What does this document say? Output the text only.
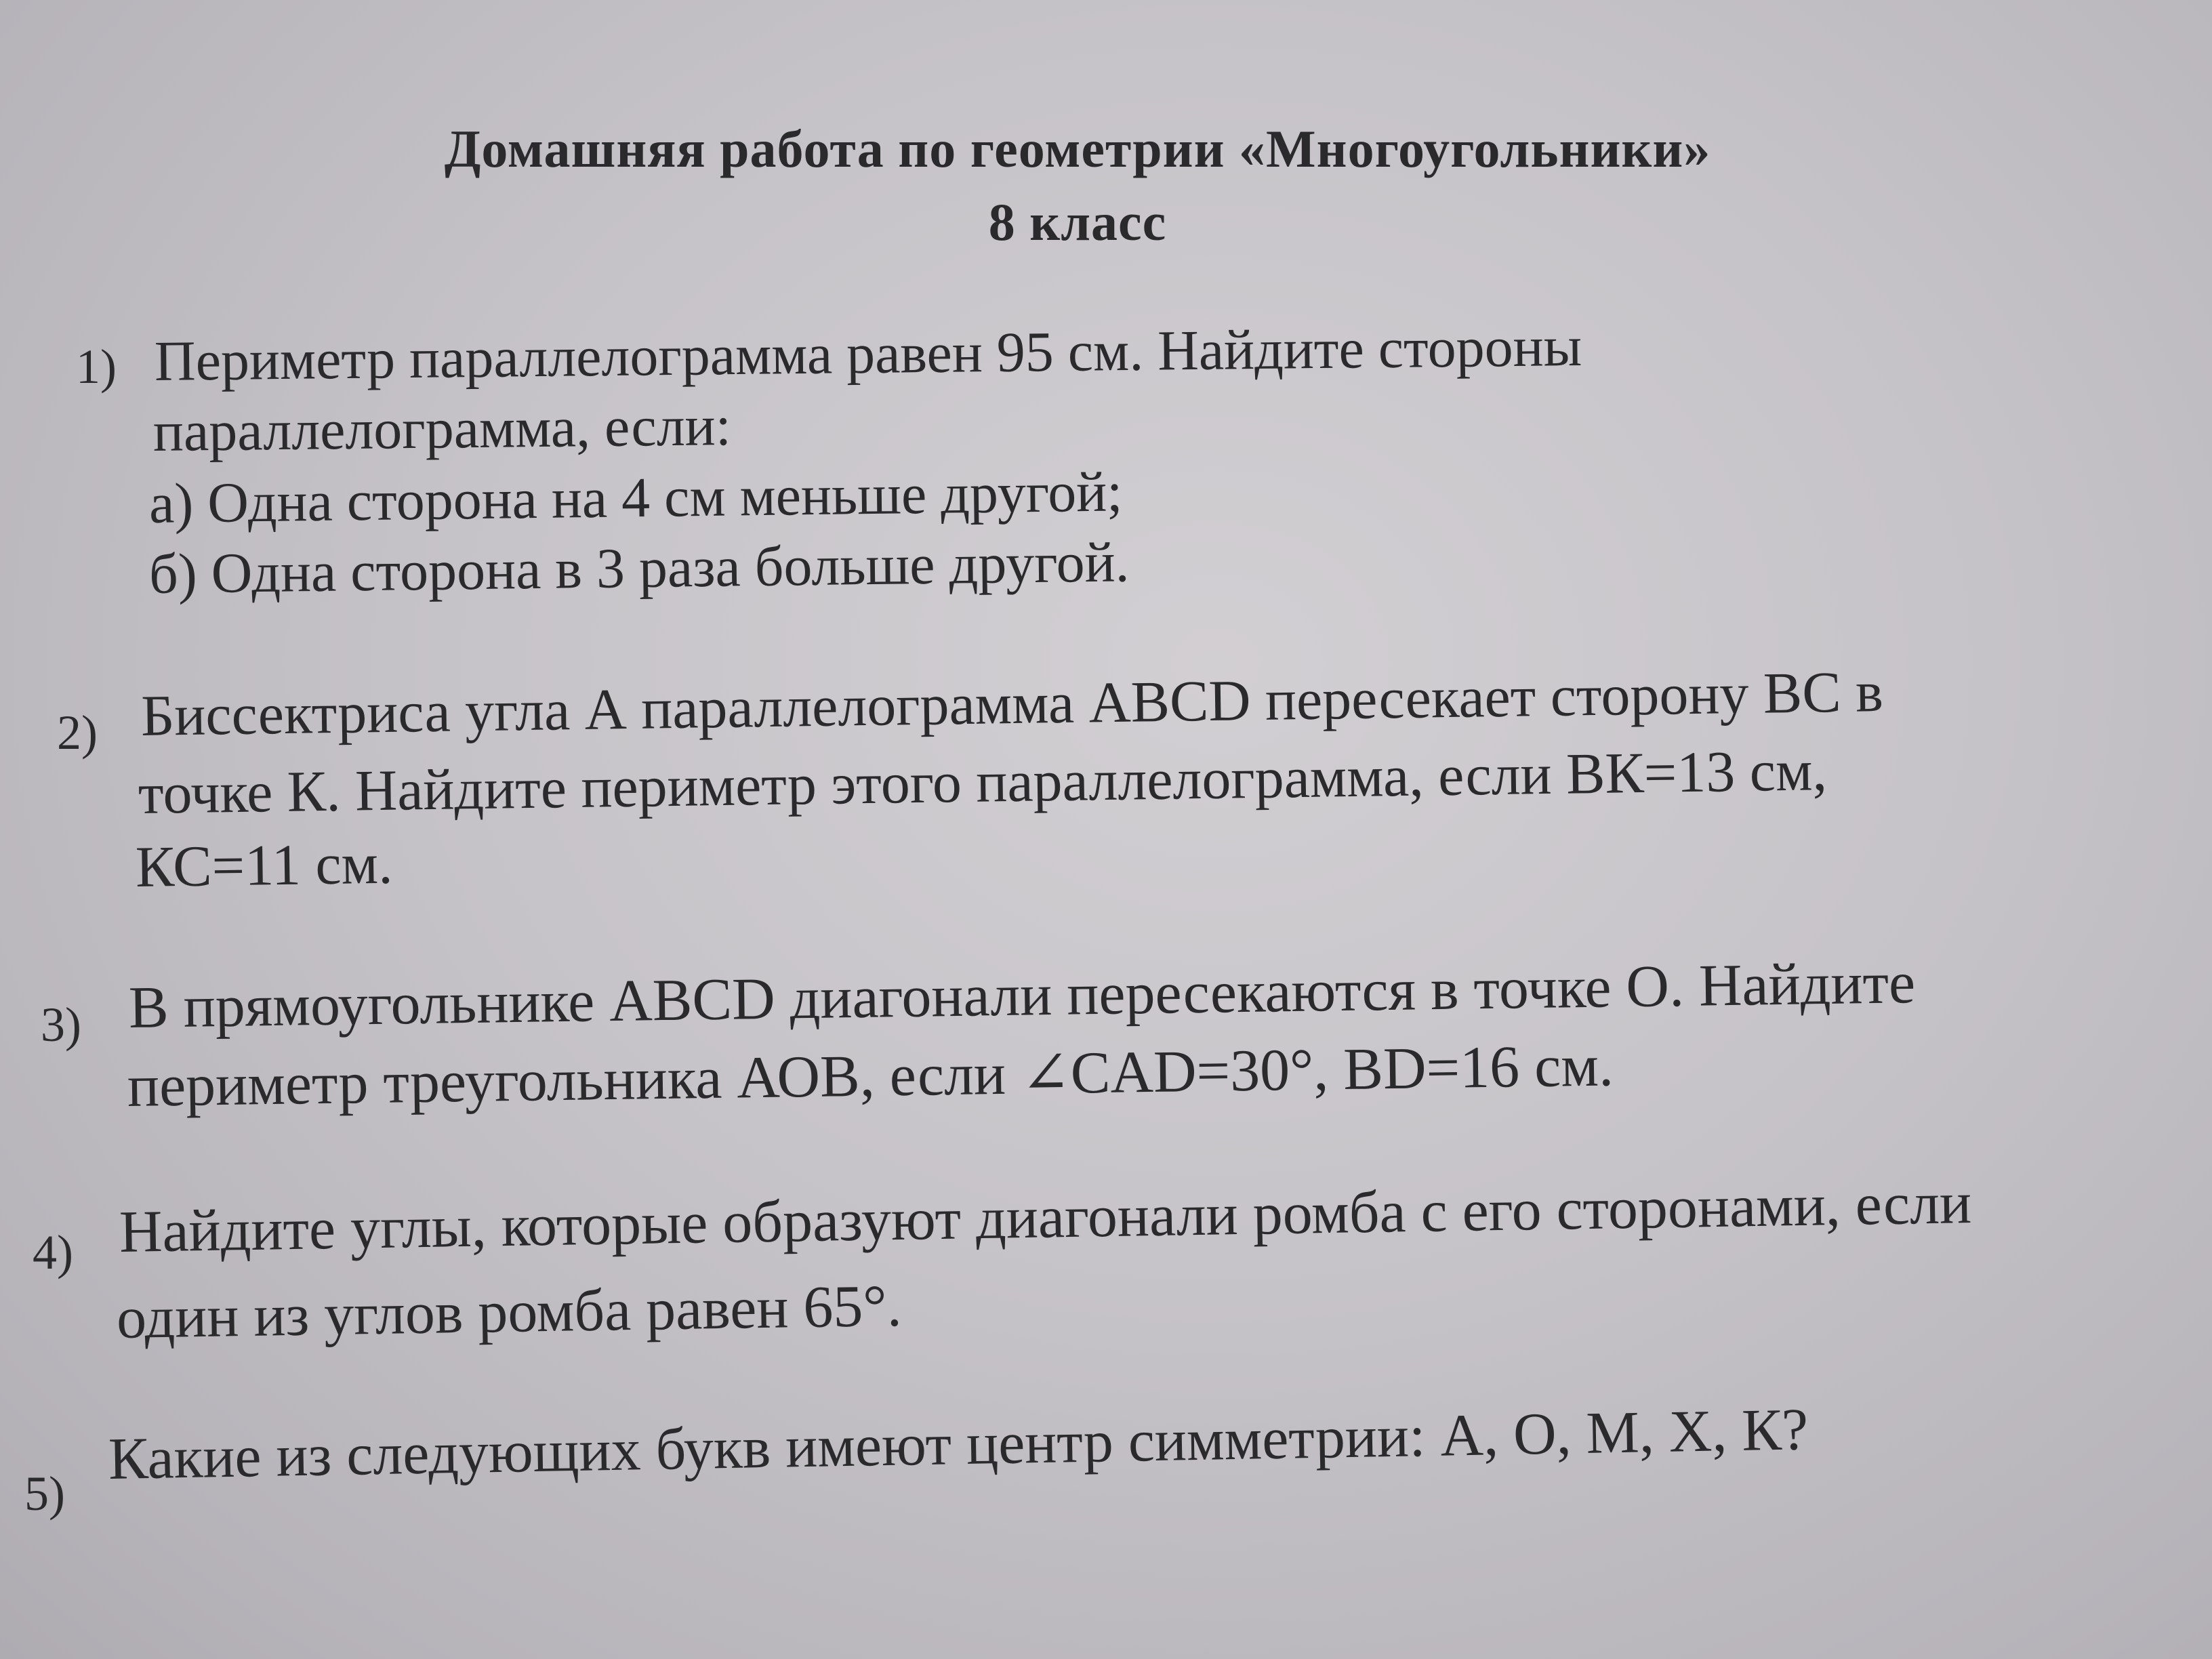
Домашняя работа по геометрии «Многоугольники»
8 класс
1) Периметр параллелограмма равен 95 см. Найдите стороны
параллелограмма, если:
а) Одна сторона на 4 см меньше другой;
б) Одна сторона в 3 раза больше другой.
2) Биссектриса угла А параллелограмма ABCD пересекает сторону ВС в
точке К. Найдите периметр этого параллелограмма, если ВК=13 см,
КС=11 см.
3) В прямоугольнике ABCD диагонали пересекаются в точке О. Найдите
периметр треугольника АОВ, если ∠CAD=30°, BD=16 см.
4) Найдите углы, которые образуют диагонали ромба с его сторонами, если
один из углов ромба равен 65°.
5)
Какие из следующих букв имеют центр симметрии: А, О, М, Х, К?
